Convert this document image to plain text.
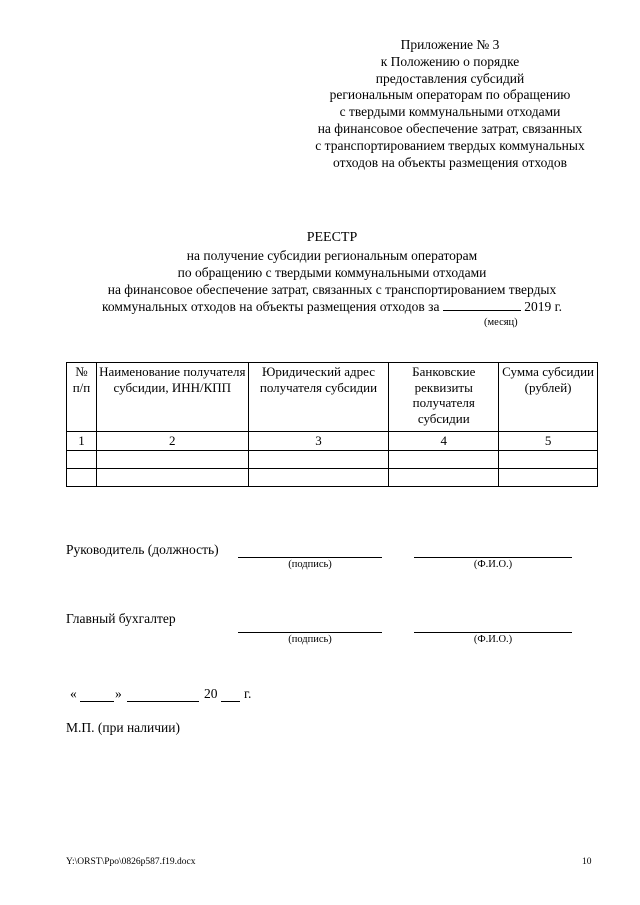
Приложение № 3
к Положению о порядке
предоставления субсидий
региональным операторам по обращению
с твердыми коммунальными отходами
на финансовое обеспечение затрат, связанных
с транспортированием твердых коммунальных
отходов на объекты размещения отходов
РЕЕСТР
на получение субсидии региональным операторам
по обращению с твердыми коммунальными отходами
на финансовое обеспечение затрат, связанных с транспортированием твердых
коммунальных отходов на объекты размещения отходов за	2019 г.
(месяц)
№ п/п	Наименование получателя субсидии, ИНН/КПП	Юридический адрес получателя субсидии	Банковские реквизиты получателя субсидии	Сумма субсидии (рублей)
1	2	3	4	5

Руководитель (должность)
(подпись)	(Ф.И.О.)
Главный бухгалтер
(подпись)	(Ф.И.О.)
«	»	20 г.
М.П. (при наличии)
Y:\ORST\Ppo\0826p587.f19.docx	10
